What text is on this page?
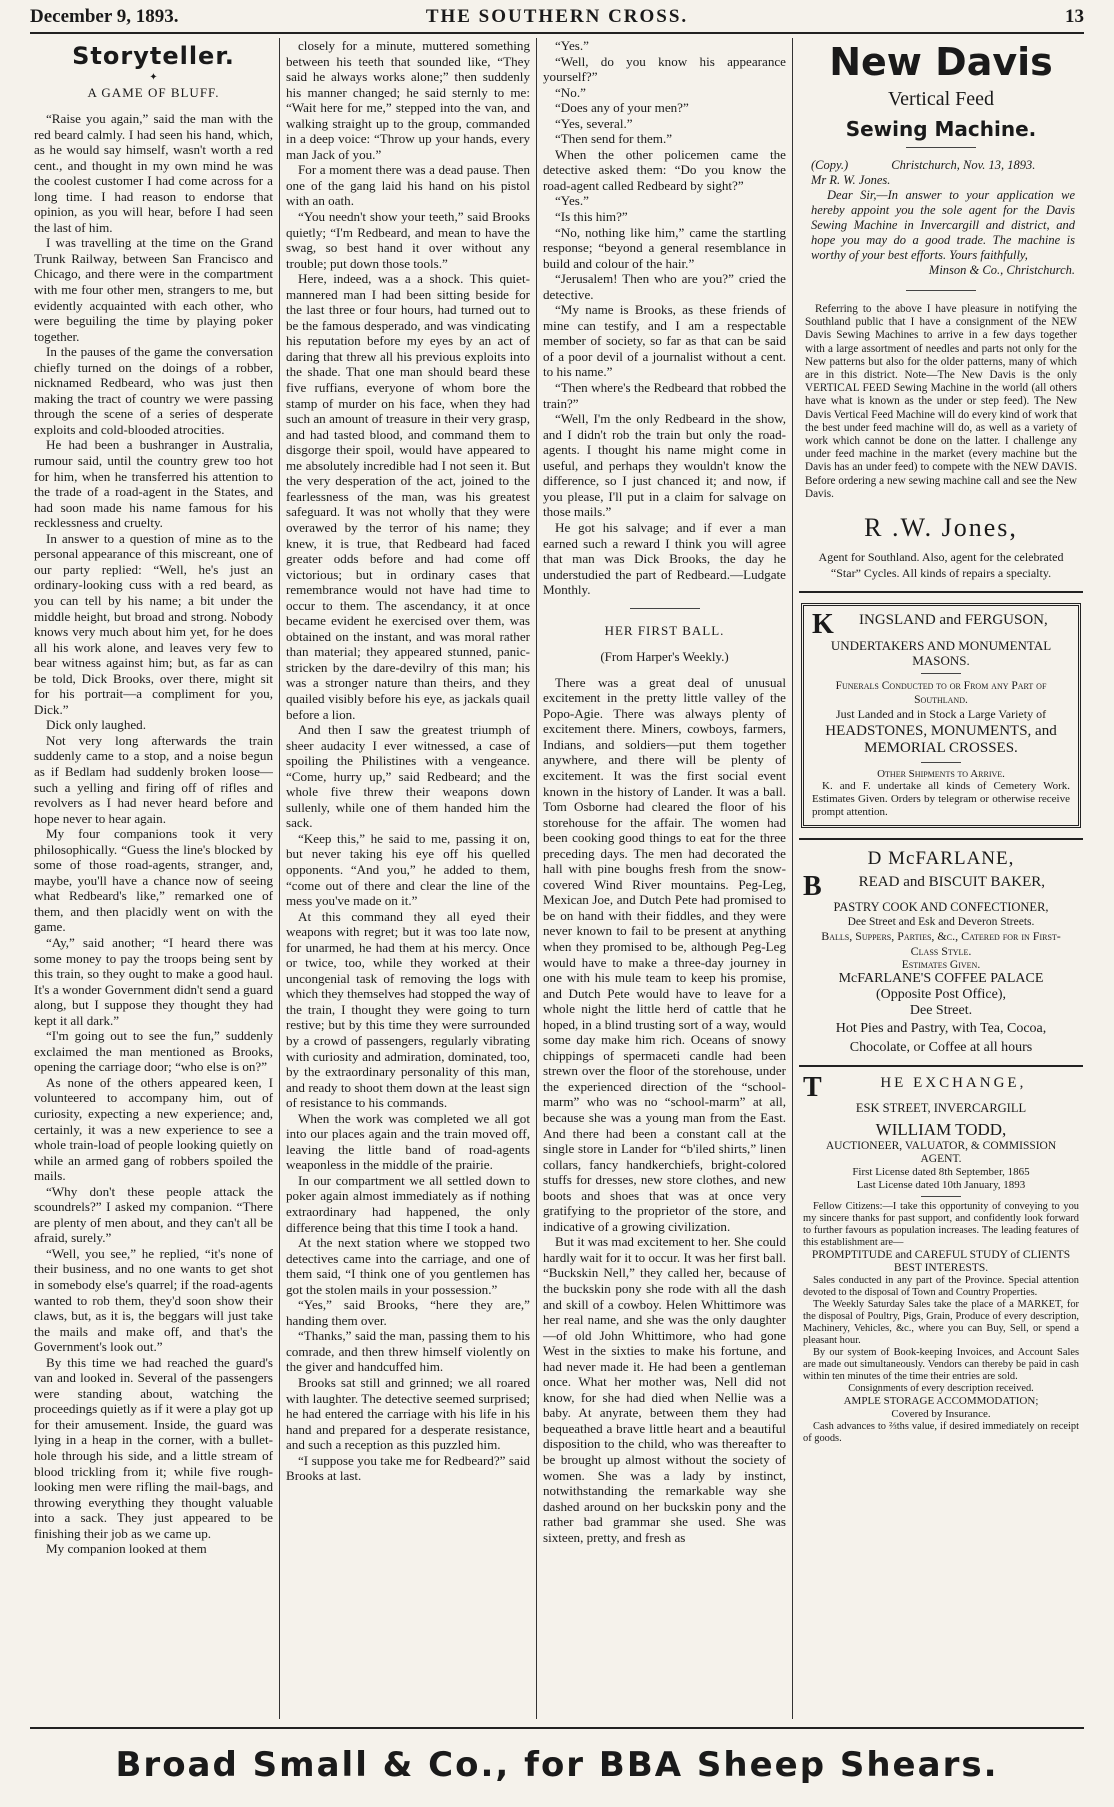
December 9, 1893.	THE SOUTHERN CROSS.	13
Storyteller.
✦
A GAME OF BLUFF.

“Raise you again,” said the man with the red beard calmly. I had seen his hand, which, as he would say himself, wasn't worth a red cent., and thought in my own mind he was the coolest customer I had come across for a long time. I had reason to endorse that opinion, as you will hear, before I had seen the last of him.

I was travelling at the time on the Grand Trunk Railway, between San Francisco and Chicago, and there were in the compartment with me four other men, strangers to me, but evidently acquainted with each other, who were beguiling the time by playing poker together.

In the pauses of the game the conversation chiefly turned on the doings of a robber, nicknamed Redbeard, who was just then making the tract of country we were passing through the scene of a series of desperate exploits and cold-blooded atrocities.

He had been a bushranger in Australia, rumour said, until the country grew too hot for him, when he transferred his attention to the trade of a road-agent in the States, and had soon made his name famous for his recklessness and cruelty.

In answer to a question of mine as to the personal appearance of this miscreant, one of our party replied: “Well, he's just an ordinary-looking cuss with a red beard, as you can tell by his name; a bit under the middle height, but broad and strong. Nobody knows very much about him yet, for he does all his work alone, and leaves very few to bear witness against him; but, as far as can be told, Dick Brooks, over there, might sit for his portrait—a compliment for you, Dick.”

Dick only laughed.

Not very long afterwards the train suddenly came to a stop, and a noise begun as if Bedlam had suddenly broken loose—such a yelling and firing off of rifles and revolvers as I had never heard before and hope never to hear again.

My four companions took it very philosophically. “Guess the line's blocked by some of those road-agents, stranger, and, maybe, you'll have a chance now of seeing what Redbeard's like,” remarked one of them, and then placidly went on with the game.

“Ay,” said another; “I heard there was some money to pay the troops being sent by this train, so they ought to make a good haul. It's a wonder Government didn't send a guard along, but I suppose they thought they had kept it all dark.”

“I'm going out to see the fun,” suddenly exclaimed the man mentioned as Brooks, opening the carriage door; “who else is on?”

As none of the others appeared keen, I volunteered to accompany him, out of curiosity, expecting a new experience; and, certainly, it was a new experience to see a whole train-load of people looking quietly on while an armed gang of robbers spoiled the mails.

“Why don't these people attack the scoundrels?” I asked my companion. “There are plenty of men about, and they can't all be afraid, surely.”

“Well, you see,” he replied, “it's none of their business, and no one wants to get shot in somebody else's quarrel; if the road-agents wanted to rob them, they'd soon show their claws, but, as it is, the beggars will just take the mails and make off, and that's the Government's look out.”

By this time we had reached the guard's van and looked in. Several of the passengers were standing about, watching the proceedings quietly as if it were a play got up for their amusement. Inside, the guard was lying in a heap in the corner, with a bullet-hole through his side, and a little stream of blood trickling from it; while five rough-looking men were rifling the mail-bags, and throwing everything they thought valuable into a sack. They just appeared to be finishing their job as we came up.

My companion looked at them

closely for a minute, muttered something between his teeth that sounded like, “They said he always works alone;” then suddenly his manner changed; he said sternly to me: “Wait here for me,” stepped into the van, and walking straight up to the group, commanded in a deep voice: “Throw up your hands, every man Jack of you.”

For a moment there was a dead pause. Then one of the gang laid his hand on his pistol with an oath.

“You needn't show your teeth,” said Brooks quietly; “I'm Redbeard, and mean to have the swag, so best hand it over without any trouble; put down those tools.”

Here, indeed, was a a shock. This quiet-mannered man I had been sitting beside for the last three or four hours, had turned out to be the famous desperado, and was vindicating his reputation before my eyes by an act of daring that threw all his previous exploits into the shade. That one man should beard these five ruffians, everyone of whom bore the stamp of murder on his face, when they had such an amount of treasure in their very grasp, and had tasted blood, and command them to disgorge their spoil, would have appeared to me absolutely incredible had I not seen it. But the very desperation of the act, joined to the fearlessness of the man, was his greatest safeguard. It was not wholly that they were overawed by the terror of his name; they knew, it is true, that Redbeard had faced greater odds before and had come off victorious; but in ordinary cases that remembrance would not have had time to occur to them. The ascendancy, it at once became evident he exercised over them, was obtained on the instant, and was moral rather than material; they appeared stunned, panic-stricken by the dare-devilry of this man; his was a stronger nature than theirs, and they quailed visibly before his eye, as jackals quail before a lion.

And then I saw the greatest triumph of sheer audacity I ever witnessed, a case of spoiling the Philistines with a vengeance. “Come, hurry up,” said Redbeard; and the whole five threw their weapons down sullenly, while one of them handed him the sack.

“Keep this,” he said to me, passing it on, but never taking his eye off his quelled opponents. “And you,” he added to them, “come out of there and clear the line of the mess you've made on it.”

At this command they all eyed their weapons with regret; but it was too late now, for unarmed, he had them at his mercy. Once or twice, too, while they worked at their uncongenial task of removing the logs with which they themselves had stopped the way of the train, I thought they were going to turn restive; but by this time they were surrounded by a crowd of passengers, regularly vibrating with curiosity and admiration, dominated, too, by the extraordinary personality of this man, and ready to shoot them down at the least sign of resistance to his commands.

When the work was completed we all got into our places again and the train moved off, leaving the little band of road-agents weaponless in the middle of the prairie.

In our compartment we all settled down to poker again almost immediately as if nothing extraordinary had happened, the only difference being that this time I took a hand.

At the next station where we stopped two detectives came into the carriage, and one of them said, “I think one of you gentlemen has got the stolen mails in your possession.”

“Yes,” said Brooks, “here they are,” handing them over.

“Thanks,” said the man, passing them to his comrade, and then threw himself violently on the giver and handcuffed him.

Brooks sat still and grinned; we all roared with laughter. The detective seemed surprised; he had entered the carriage with his life in his hand and prepared for a desperate resistance, and such a reception as this puzzled him.

“I suppose you take me for Redbeard?” said Brooks at last.

“Yes.”

“Well, do you know his appearance yourself?”

“No.”

“Does any of your men?”

“Yes, several.”

“Then send for them.”

When the other policemen came the detective asked them: “Do you know the road-agent called Redbeard by sight?”

“Yes.”

“Is this him?”

“No, nothing like him,” came the startling response; “beyond a general resemblance in build and colour of the hair.”

“Jerusalem! Then who are you?” cried the detective.

“My name is Brooks, as these friends of mine can testify, and I am a respectable member of society, so far as that can be said of a poor devil of a journalist without a cent. to his name.”

“Then where's the Redbeard that robbed the train?”

“Well, I'm the only Redbeard in the show, and I didn't rob the train but only the road-agents. I thought his name might come in useful, and perhaps they wouldn't know the difference, so I just chanced it; and now, if you please, I'll put in a claim for salvage on those mails.”

He got his salvage; and if ever a man earned such a reward I think you will agree that man was Dick Brooks, the day he understudied the part of Redbeard.—Ludgate Monthly.

HER FIRST BALL.
(From Harper's Weekly.)

There was a great deal of unusual excitement in the pretty little valley of the Popo-Agie. There was always plenty of excitement there. Miners, cowboys, farmers, Indians, and soldiers—put them together anywhere, and there will be plenty of excitement. It was the first social event known in the history of Lander. It was a ball. Tom Osborne had cleared the floor of his storehouse for the affair. The women had been cooking good things to eat for the three preceding days. The men had decorated the hall with pine boughs fresh from the snow-covered Wind River mountains. Peg-Leg, Mexican Joe, and Dutch Pete had promised to be on hand with their fiddles, and they were never known to fail to be present at anything when they promised to be, although Peg-Leg would have to make a three-day journey in one with his mule team to keep his promise, and Dutch Pete would have to leave for a whole night the little herd of cattle that he hoped, in a blind trusting sort of a way, would some day make him rich. Oceans of snowy chippings of spermaceti candle had been strewn over the floor of the storehouse, under the experienced direction of the “school-marm” who was no “school-marm” at all, because she was a young man from the East. And there had been a constant call at the single store in Lander for “b'iled shirts,” linen collars, fancy handkerchiefs, bright-colored stuffs for dresses, new store clothes, and new boots and shoes that was at once very gratifying to the proprietor of the store, and indicative of a growing civilization.

But it was mad excitement to her. She could hardly wait for it to occur. It was her first ball. “Buckskin Nell,” they called her, because of the buckskin pony she rode with all the dash and skill of a cowboy. Helen Whittimore was her real name, and she was the only daughter—of old John Whittimore, who had gone West in the sixties to make his fortune, and had never made it. He had been a gentleman once. What her mother was, Nell did not know, for she had died when Nellie was a baby. At anyrate, between them they had bequeathed a brave little heart and a beautiful disposition to the child, who was thereafter to be brought up almost without the society of women. She was a lady by instinct, notwithstanding the remarkable way she dashed around on her buckskin pony and the rather bad grammar she used. She was sixteen, pretty, and fresh as

New Davis
Vertical Feed
Sewing Machine.

(Copy.)	Christchurch, Nov. 13, 1893.

Mr R. W. Jones.

Dear Sir,—In answer to your application we hereby appoint you the sole agent for the Davis Sewing Machine in Invercargill and district, and hope you may do a good trade. The machine is worthy of your best efforts. Yours faithfully,

Minson & Co., Christchurch.

Referring to the above I have pleasure in notifying the Southland public that I have a consignment of the NEW Davis Sewing Machines to arrive in a few days together with a large assortment of needles and parts not only for the New patterns but also for the older patterns, many of which are in this district. Note—The New Davis is the only VERTICAL FEED Sewing Machine in the world (all others have what is known as the under or step feed). The New Davis Vertical Feed Machine will do every kind of work that the best under feed machine will do, as well as a variety of work which cannot be done on the latter. I challenge any under feed machine in the market (every machine but the Davis has an under feed) to compete with the NEW DAVIS. Before ordering a new sewing machine call and see the New Davis.

R .W. Jones,

Agent for Southland. Also, agent for the celebrated “Star” Cycles. All kinds of repairs a specialty.

K INGSLAND and FERGUSON,
UNDERTAKERS AND MONUMENTAL MASONS.
Funerals Conducted to or From any Part of Southland.
Just Landed and in Stock a Large Variety of
HEADSTONES, MONUMENTS, and MEMORIAL CROSSES.
Other Shipments to Arrive.

K. and F. undertake all kinds of Cemetery Work. Estimates Given. Orders by telegram or otherwise receive prompt attention.

D McFARLANE,
B READ and BISCUIT BAKER,
PASTRY COOK AND CONFECTIONER,
Dee Street and Esk and Deveron Streets.
Balls, Suppers, Parties, &c., Catered for in First-Class Style.
Estimates Given.
McFARLANE'S COFFEE PALACE
(Opposite Post Office),
Dee Street.
Hot Pies and Pastry, with Tea, Cocoa, Chocolate, or Coffee at all hours
T	HE EXCHANGE,
ESK STREET, INVERCARGILL
WILLIAM TODD,
AUCTIONEER, VALUATOR, & COMMISSION AGENT.
First License dated 8th September, 1865
Last License dated 10th January, 1893

Fellow Citizens:—I take this opportunity of conveying to you my sincere thanks for past support, and confidently look forward to further favours as population increases. The leading features of this establishment are—

PROMPTITUDE and CAREFUL STUDY of CLIENTS BEST INTERESTS.

Sales conducted in any part of the Province. Special attention devoted to the disposal of Town and Country Properties.

The Weekly Saturday Sales take the place of a MARKET, for the disposal of Poultry, Pigs, Grain, Produce of every description, Machinery, Vehicles, &c., where you can Buy, Sell, or spend a pleasant hour.

By our system of Book-keeping Invoices, and Account Sales are made out simultaneously. Vendors can thereby be paid in cash within ten minutes of the time their entries are sold.

Consignments of every description received.

AMPLE STORAGE ACCOMMODATION;
Covered by Insurance.

Cash advances to ⅔ths value, if desired immediately on receipt of goods.

Broad Small & Co., for BBA Sheep Shears.
